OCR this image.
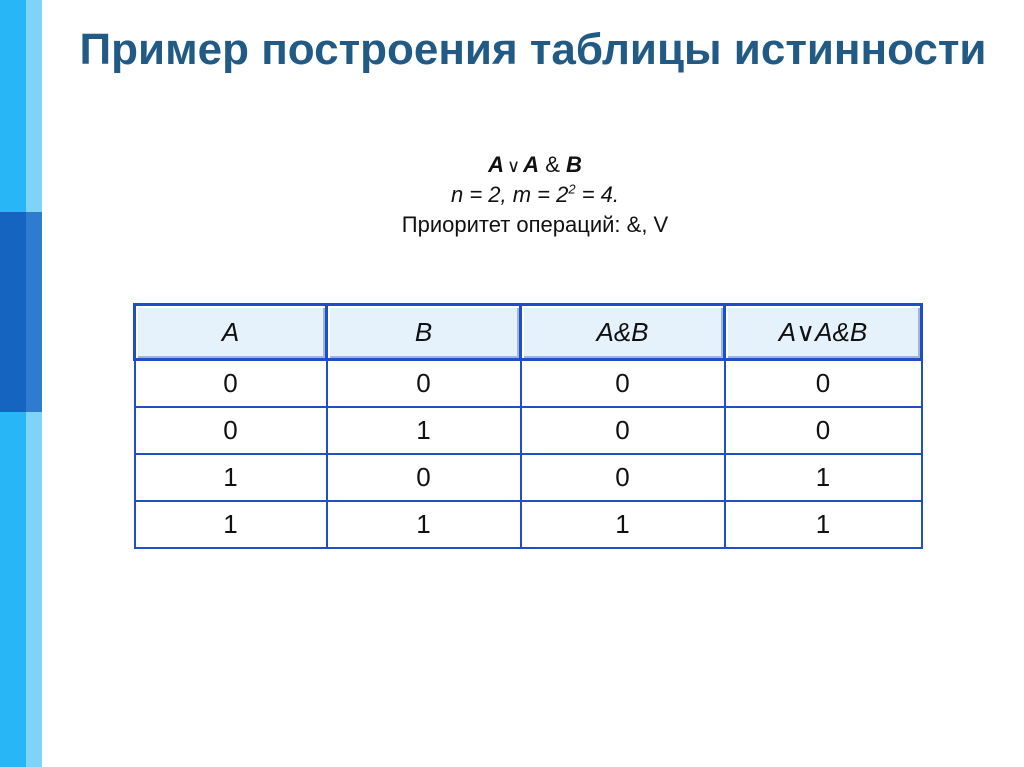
Пример построения таблицы истинности
A ∨ A & B
n = 2, $m = 2^2 = 4$.
Приоритет операций: &, V
A	B	A&B	A∨A&B
0	0	0	0
0	1	0	0
1	0	0	1
1	1	1	1
